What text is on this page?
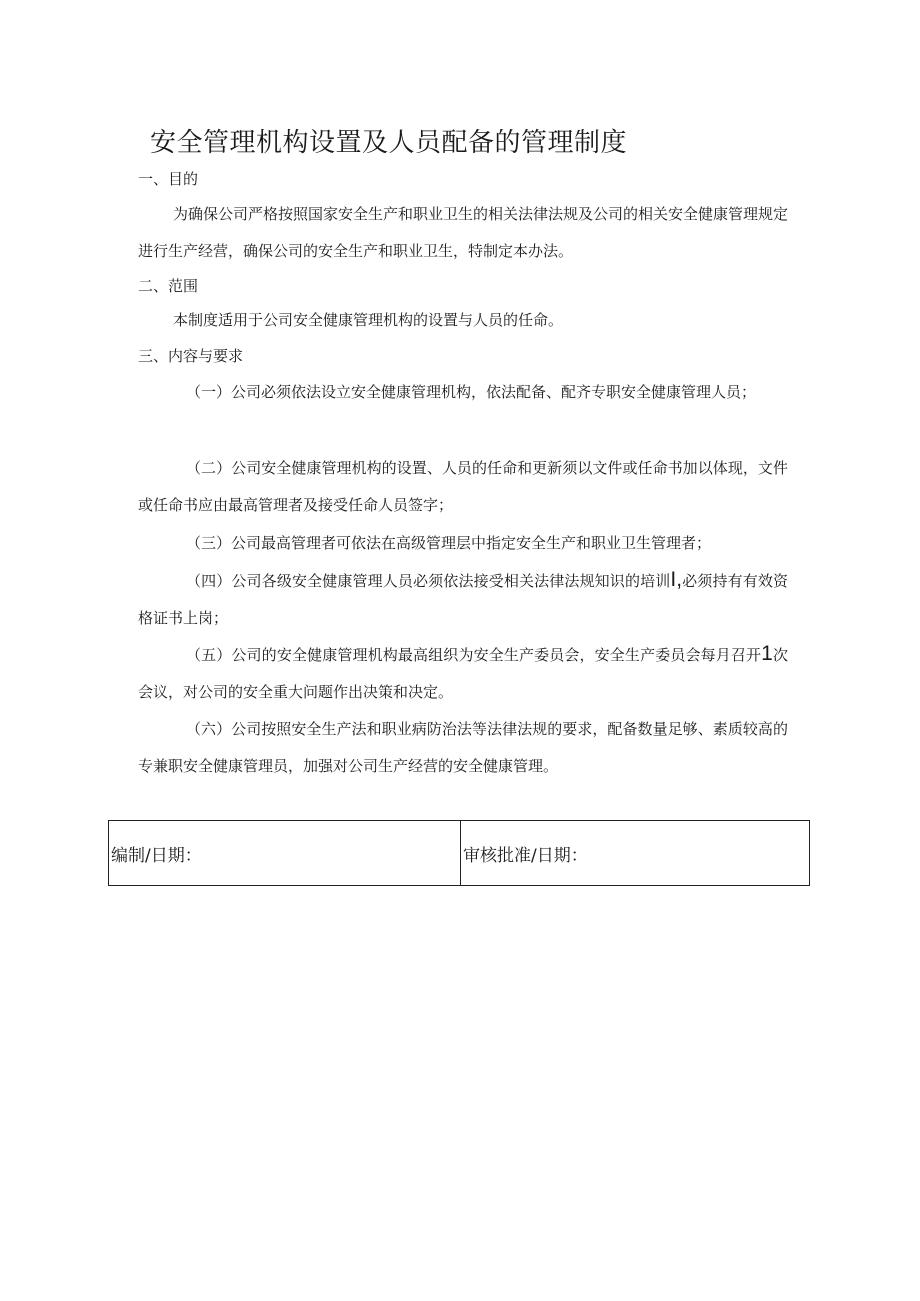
安全管理机构设置及人员配备的管理制度
一、目的
为确保公司严格按照国家安全生产和职业卫生的相关法律法规及公司的相关安全健康管理规定进行生产经营，确保公司的安全生产和职业卫生，特制定本办法。
二、范围
本制度适用于公司安全健康管理机构的设置与人员的任命。
三、内容与要求
（一）公司必须依法设立安全健康管理机构，依法配备、配齐专职安全健康管理人员；
（二）公司安全健康管理机构的设置、人员的任命和更新须以文件或任命书加以体现，文件或任命书应由最高管理者及接受任命人员签字；
（三）公司最高管理者可依法在高级管理层中指定安全生产和职业卫生管理者；
（四）公司各级安全健康管理人员必须依法接受相关法律法规知识的培训I,必须持有有效资格证书上岗；
（五）公司的安全健康管理机构最高组织为安全生产委员会，安全生产委员会每月召开1次会议，对公司的安全重大问题作出决策和决定。
（六）公司按照安全生产法和职业病防治法等法律法规的要求，配备数量足够、素质较高的专兼职安全健康管理员，加强对公司生产经营的安全健康管理。
编制/日期：	审核批准/日期：
